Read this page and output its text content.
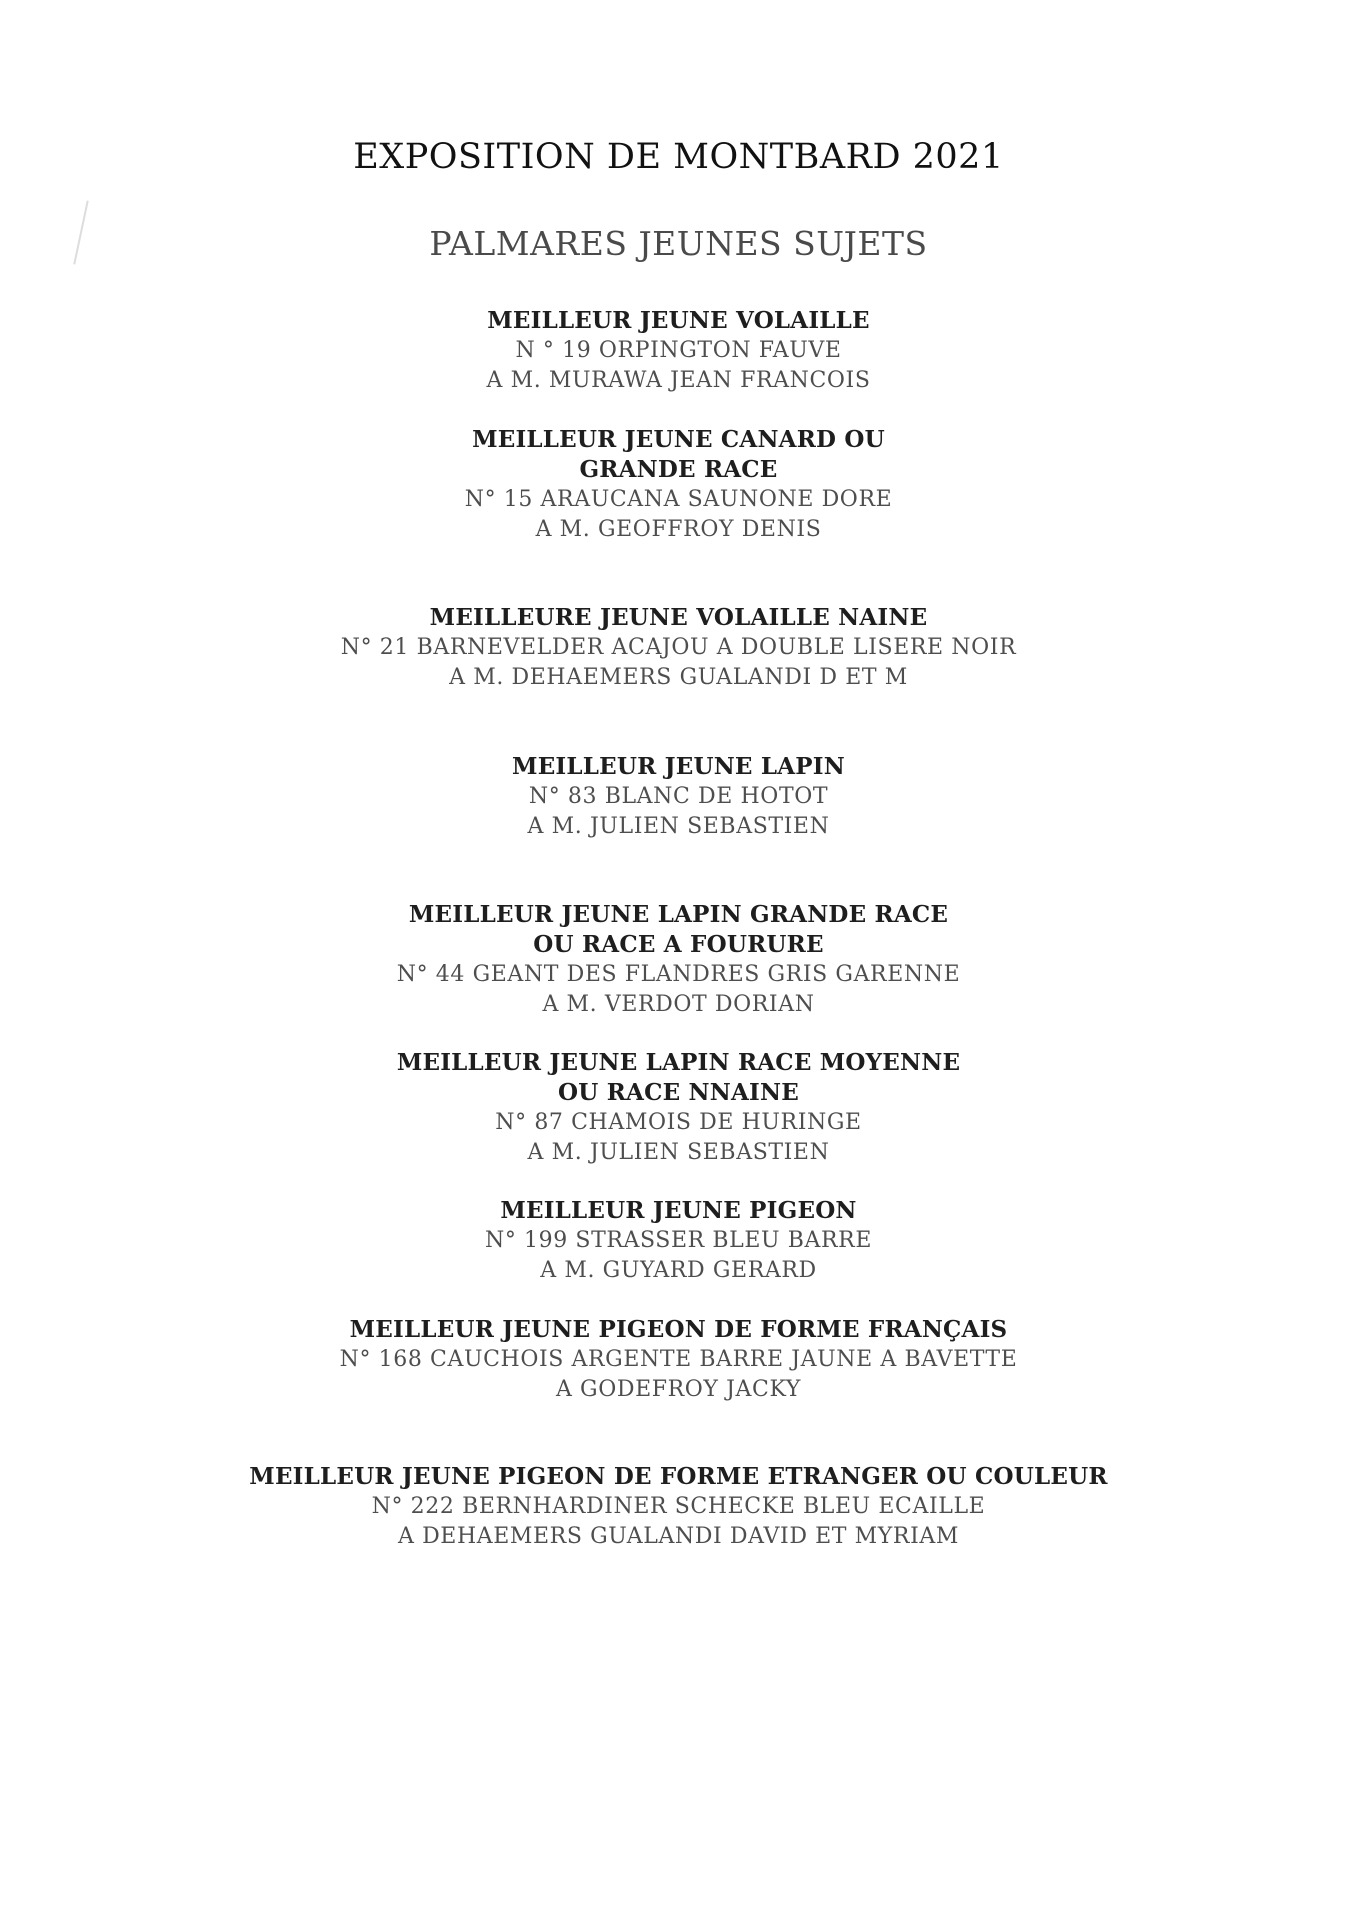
EXPOSITION DE MONTBARD 2021
PALMARES JEUNES SUJETS
MEILLEUR JEUNE VOLAILLE
N ° 19 ORPINGTON FAUVE
A M. MURAWA JEAN FRANCOIS
MEILLEUR JEUNE CANARD OU
GRANDE RACE
N° 15 ARAUCANA SAUNONE DORE
A M. GEOFFROY DENIS
MEILLEURE JEUNE VOLAILLE NAINE
N° 21 BARNEVELDER ACAJOU A DOUBLE LISERE NOIR
A M. DEHAEMERS GUALANDI D ET M
MEILLEUR JEUNE LAPIN
N° 83 BLANC DE HOTOT
A M. JULIEN SEBASTIEN
MEILLEUR JEUNE LAPIN GRANDE RACE
OU RACE A FOURURE
N° 44 GEANT DES FLANDRES GRIS GARENNE
A M. VERDOT DORIAN
MEILLEUR JEUNE LAPIN RACE MOYENNE
OU RACE NNAINE
N° 87 CHAMOIS DE HURINGE
A M. JULIEN SEBASTIEN
MEILLEUR JEUNE PIGEON
N° 199 STRASSER BLEU BARRE
A M. GUYARD GERARD
MEILLEUR JEUNE PIGEON DE FORME FRANÇAIS
N° 168 CAUCHOIS ARGENTE BARRE JAUNE A BAVETTE
A GODEFROY JACKY
MEILLEUR JEUNE PIGEON DE FORME ETRANGER OU COULEUR
N° 222 BERNHARDINER SCHECKE BLEU ECAILLE
A DEHAEMERS GUALANDI DAVID ET MYRIAM
